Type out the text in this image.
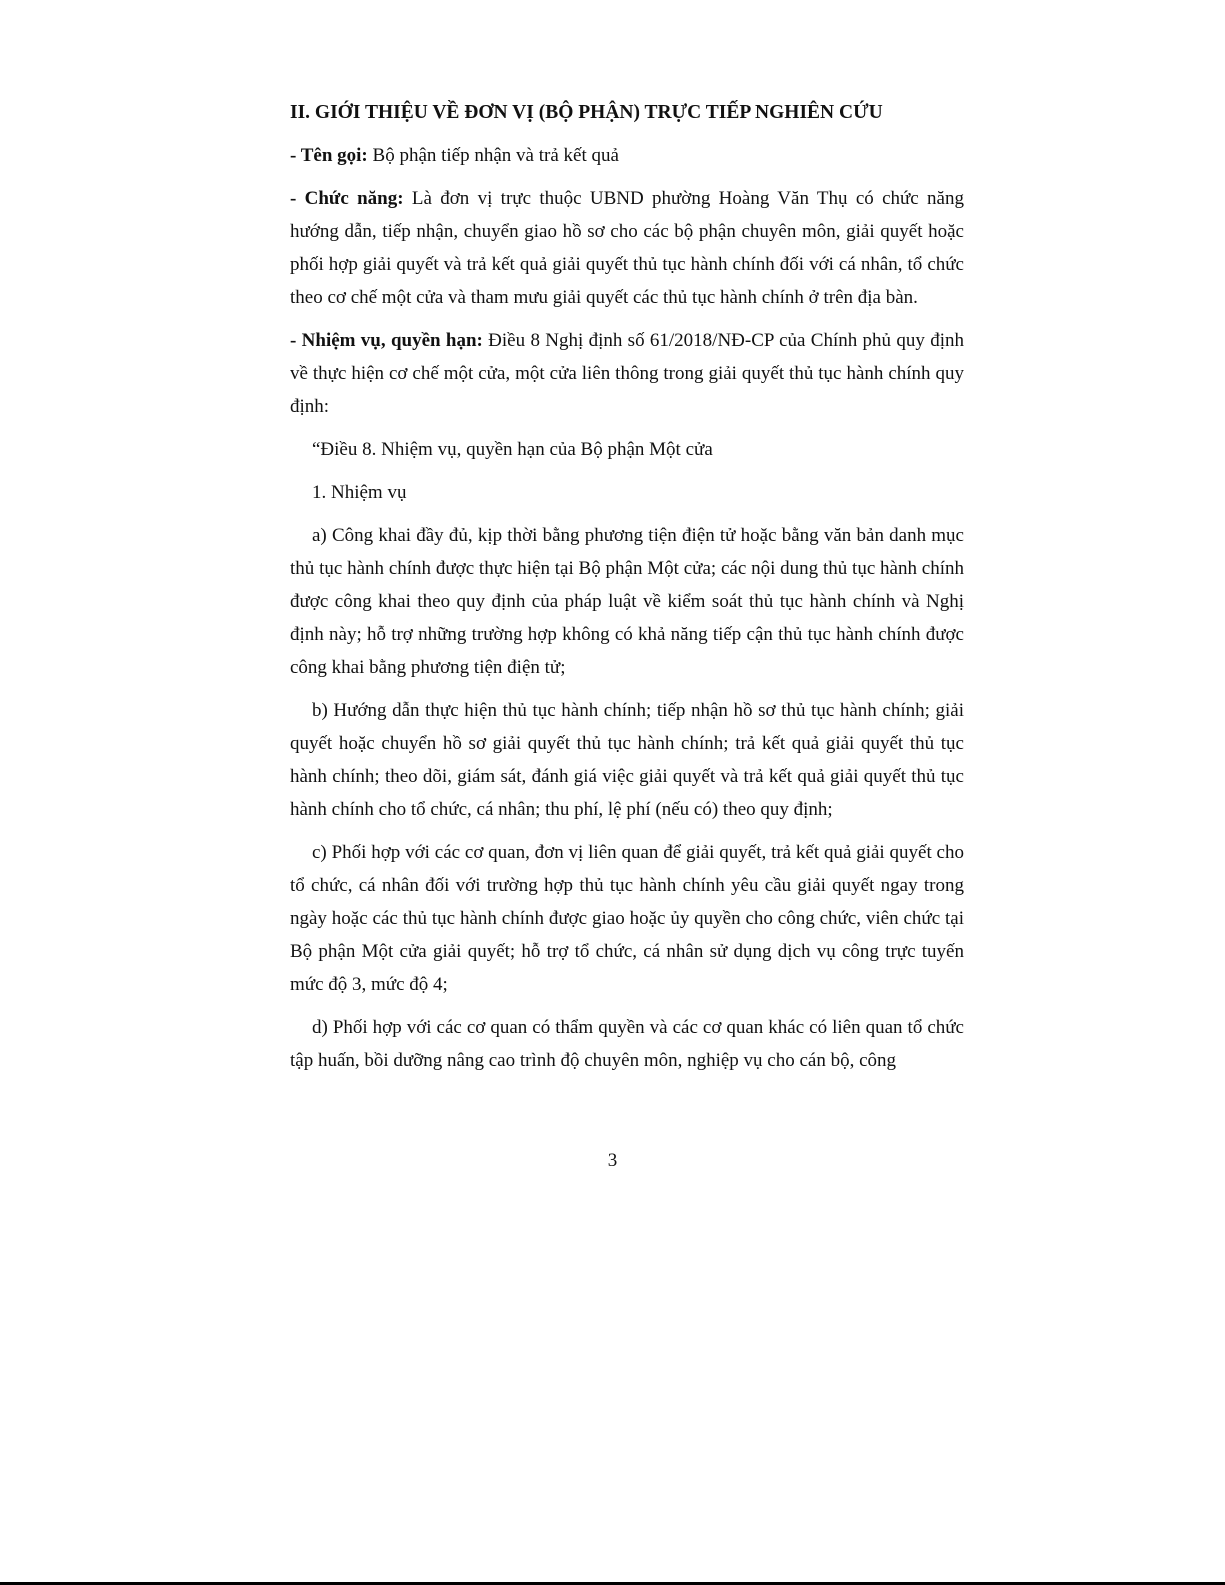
II. GIỚI THIỆU VỀ ĐƠN VỊ (BỘ PHẬN) TRỰC TIẾP NGHIÊN CỨU

- Tên gọi: Bộ phận tiếp nhận và trả kết quả

- Chức năng: Là đơn vị trực thuộc UBND phường Hoàng Văn Thụ có chức năng hướng dẫn, tiếp nhận, chuyển giao hồ sơ cho các bộ phận chuyên môn, giải quyết hoặc phối hợp giải quyết và trả kết quả giải quyết thủ tục hành chính đối với cá nhân, tổ chức theo cơ chế một cửa và tham mưu giải quyết các thủ tục hành chính ở trên địa bàn.

- Nhiệm vụ, quyền hạn: Điều 8 Nghị định số 61/2018/NĐ-CP của Chính phủ quy định về thực hiện cơ chế một cửa, một cửa liên thông trong giải quyết thủ tục hành chính quy định:

“Điều 8. Nhiệm vụ, quyền hạn của Bộ phận Một cửa

1. Nhiệm vụ

a) Công khai đầy đủ, kịp thời bằng phương tiện điện tử hoặc bằng văn bản danh mục thủ tục hành chính được thực hiện tại Bộ phận Một cửa; các nội dung thủ tục hành chính được công khai theo quy định của pháp luật về kiểm soát thủ tục hành chính và Nghị định này; hỗ trợ những trường hợp không có khả năng tiếp cận thủ tục hành chính được công khai bằng phương tiện điện tử;

b) Hướng dẫn thực hiện thủ tục hành chính; tiếp nhận hồ sơ thủ tục hành chính; giải quyết hoặc chuyển hồ sơ giải quyết thủ tục hành chính; trả kết quả giải quyết thủ tục hành chính; theo dõi, giám sát, đánh giá việc giải quyết và trả kết quả giải quyết thủ tục hành chính cho tổ chức, cá nhân; thu phí, lệ phí (nếu có) theo quy định;

c) Phối hợp với các cơ quan, đơn vị liên quan để giải quyết, trả kết quả giải quyết cho tổ chức, cá nhân đối với trường hợp thủ tục hành chính yêu cầu giải quyết ngay trong ngày hoặc các thủ tục hành chính được giao hoặc ủy quyền cho công chức, viên chức tại Bộ phận Một cửa giải quyết; hỗ trợ tổ chức, cá nhân sử dụng dịch vụ công trực tuyến mức độ 3, mức độ 4;

d) Phối hợp với các cơ quan có thẩm quyền và các cơ quan khác có liên quan tổ chức tập huấn, bồi dưỡng nâng cao trình độ chuyên môn, nghiệp vụ cho cán bộ, công

3
